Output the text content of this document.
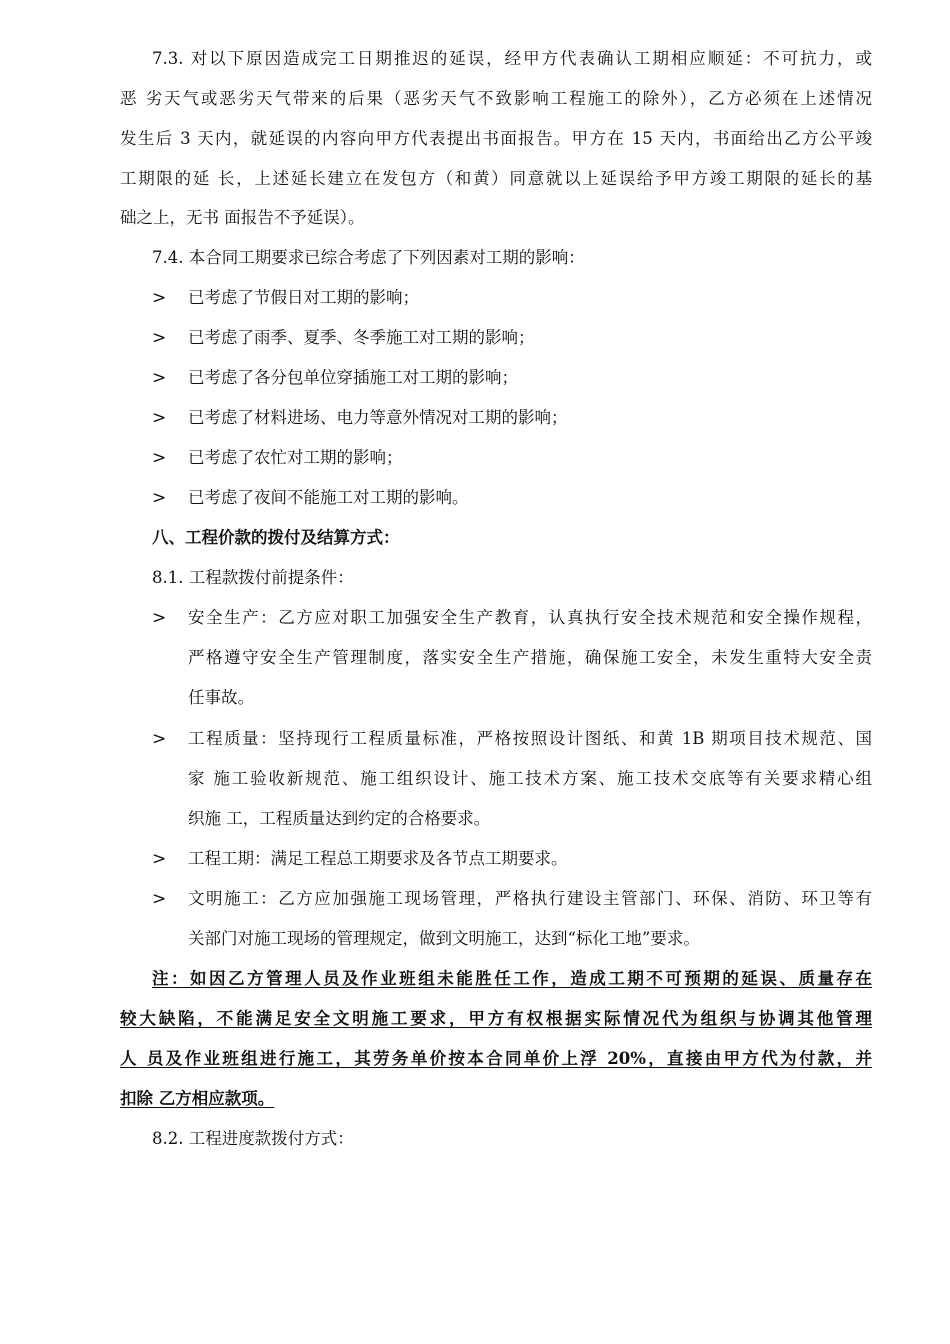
7.3. 对以下原因造成完工日期推迟的延误，经甲方代表确认工期相应顺延：不可抗力，或
恶 劣天气或恶劣天气带来的后果（恶劣天气不致影响工程施工的除外），乙方必须在上述情况
发生后 3 天内，就延误的内容向甲方代表提出书面报告。甲方在 15 天内，书面给出乙方公平竣
工期限的延 长，上述延长建立在发包方（和黄）同意就以上延误给予甲方竣工期限的延长的基
础之上，无书 面报告不予延误）。
7.4. 本合同工期要求已综合考虑了下列因素对工期的影响：
> 已考虑了节假日对工期的影响；
> 已考虑了雨季、夏季、冬季施工对工期的影响；
> 已考虑了各分包单位穿插施工对工期的影响；
> 已考虑了材料进场、电力等意外情况对工期的影响；
> 已考虑了农忙对工期的影响；
> 已考虑了夜间不能施工对工期的影响。
八、工程价款的拨付及结算方式：
8.1. 工程款拨付前提条件：
> 安全生产：乙方应对职工加强安全生产教育，认真执行安全技术规范和安全操作规程，
严格遵守安全生产管理制度，落实安全生产措施，确保施工安全，未发生重特大安全责
任事故。
> 工程质量：坚持现行工程质量标准，严格按照设计图纸、和黄 1B 期项目技术规范、国
家 施工验收新规范、施工组织设计、施工技术方案、施工技术交底等有关要求精心组
织施 工，工程质量达到约定的合格要求。
> 工程工期：满足工程总工期要求及各节点工期要求。
> 文明施工：乙方应加强施工现场管理，严格执行建设主管部门、环保、消防、环卫等有
关部门对施工现场的管理规定，做到文明施工，达到“标化工地”要求。
注：如因乙方管理人员及作业班组未能胜任工作，造成工期不可预期的延误、质量存在
较大缺陷，不能满足安全文明施工要求，甲方有权根据实际情况代为组织与协调其他管理
人 员及作业班组进行施工，其劳务单价按本合同单价上浮 20%，直接由甲方代为付款，并
扣除 乙方相应款项。
8.2. 工程进度款拨付方式：
